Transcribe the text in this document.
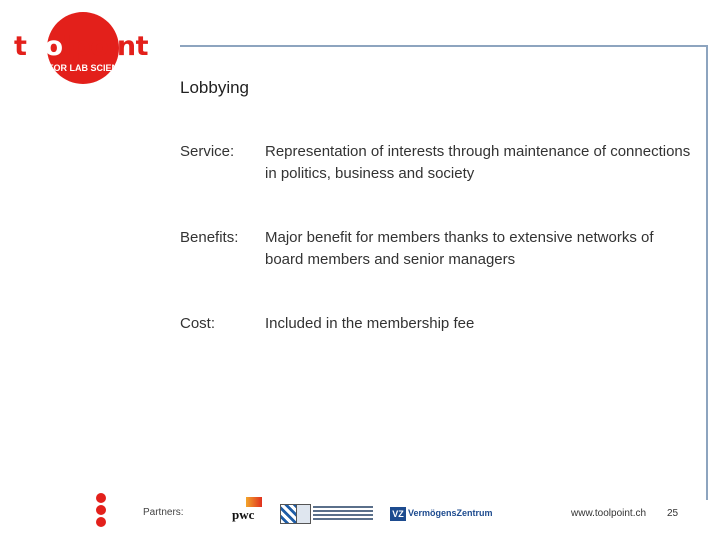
toolpoint
FOR LAB SCIENCE
Lobbying
Service: Representation of interests through maintenance of connections in politics, business and society
Benefits: Major benefit for members thanks to extensive networks of board members and senior managers
Cost:	Included in the membership fee
Partners:	pwc	VZ VermögensZentrum	www.toolpoint.ch 25
